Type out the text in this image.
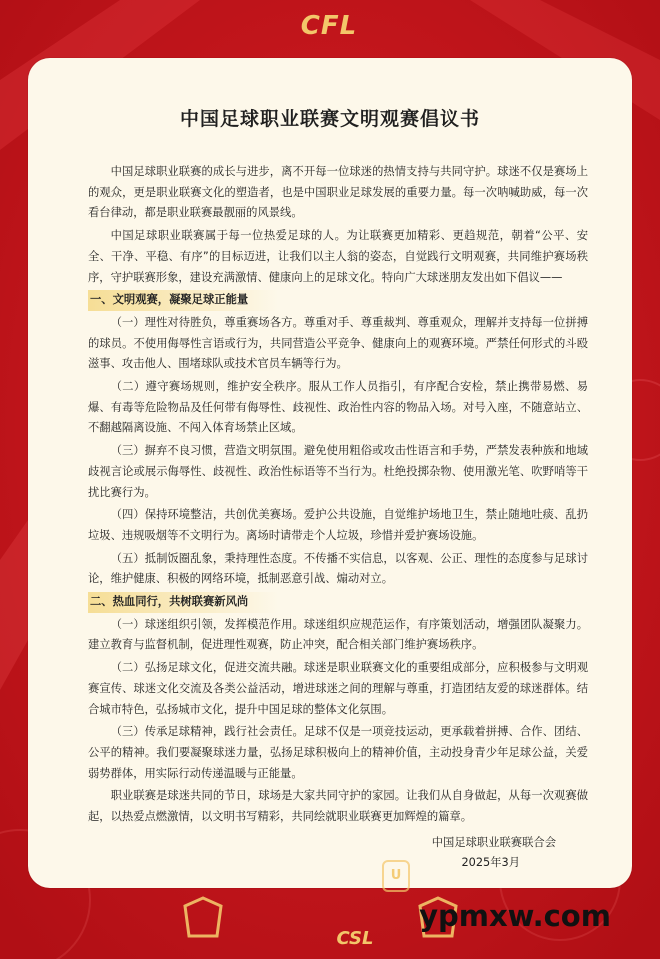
CFL
中国足球职业联赛文明观赛倡议书

中国足球职业联赛的成长与进步，离不开每一位球迷的热情支持与共同守护。球迷不仅是赛场上的观众，更是职业联赛文化的塑造者，也是中国职业足球发展的重要力量。每一次呐喊助威，每一次看台律动，都是职业联赛最靓丽的风景线。

中国足球职业联赛属于每一位热爱足球的人。为让联赛更加精彩、更趋规范，朝着“公平、安全、干净、平稳、有序”的目标迈进，让我们以主人翁的姿态，自觉践行文明观赛，共同维护赛场秩序，守护联赛形象，建设充满激情、健康向上的足球文化。特向广大球迷朋友发出如下倡议——

一、文明观赛，凝聚足球正能量

（一）理性对待胜负，尊重赛场各方。尊重对手、尊重裁判、尊重观众，理解并支持每一位拼搏的球员。不使用侮辱性言语或行为，共同营造公平竞争、健康向上的观赛环境。严禁任何形式的斗殴滋事、攻击他人、围堵球队或技术官员车辆等行为。

（二）遵守赛场规则，维护安全秩序。服从工作人员指引，有序配合安检，禁止携带易燃、易爆、有毒等危险物品及任何带有侮辱性、歧视性、政治性内容的物品入场。对号入座，不随意站立、不翻越隔离设施、不闯入体育场禁止区域。

（三）摒弃不良习惯，营造文明氛围。避免使用粗俗或攻击性语言和手势，严禁发表种族和地域歧视言论或展示侮辱性、歧视性、政治性标语等不当行为。杜绝投掷杂物、使用激光笔、吹野哨等干扰比赛行为。

（四）保持环境整洁，共创优美赛场。爱护公共设施，自觉维护场地卫生，禁止随地吐痰、乱扔垃圾、违规吸烟等不文明行为。离场时请带走个人垃圾，珍惜并爱护赛场设施。

（五）抵制饭圈乱象，秉持理性态度。不传播不实信息，以客观、公正、理性的态度参与足球讨论，维护健康、积极的网络环境，抵制恶意引战、煽动对立。

二、热血同行，共树联赛新风尚

（一）球迷组织引领，发挥模范作用。球迷组织应规范运作，有序策划活动，增强团队凝聚力。建立教育与监督机制，促进理性观赛，防止冲突，配合相关部门维护赛场秩序。

（二）弘扬足球文化，促进交流共融。球迷是职业联赛文化的重要组成部分，应积极参与文明观赛宣传、球迷文化交流及各类公益活动，增进球迷之间的理解与尊重，打造团结友爱的球迷群体。结合城市特色，弘扬城市文化，提升中国足球的整体文化氛围。

（三）传承足球精神，践行社会责任。足球不仅是一项竞技运动，更承载着拼搏、合作、团结、公平的精神。我们要凝聚球迷力量，弘扬足球积极向上的精神价值，主动投身青少年足球公益，关爱弱势群体，用实际行动传递温暖与正能量。

职业联赛是球迷共同的节日，球场是大家共同守护的家园。让我们从自身做起，从每一次观赛做起，以热爱点燃激情，以文明书写精彩，共同绘就职业联赛更加辉煌的篇章。

中国足球职业联赛联合会
2025年3月
U
CSL
ypmxw.com
